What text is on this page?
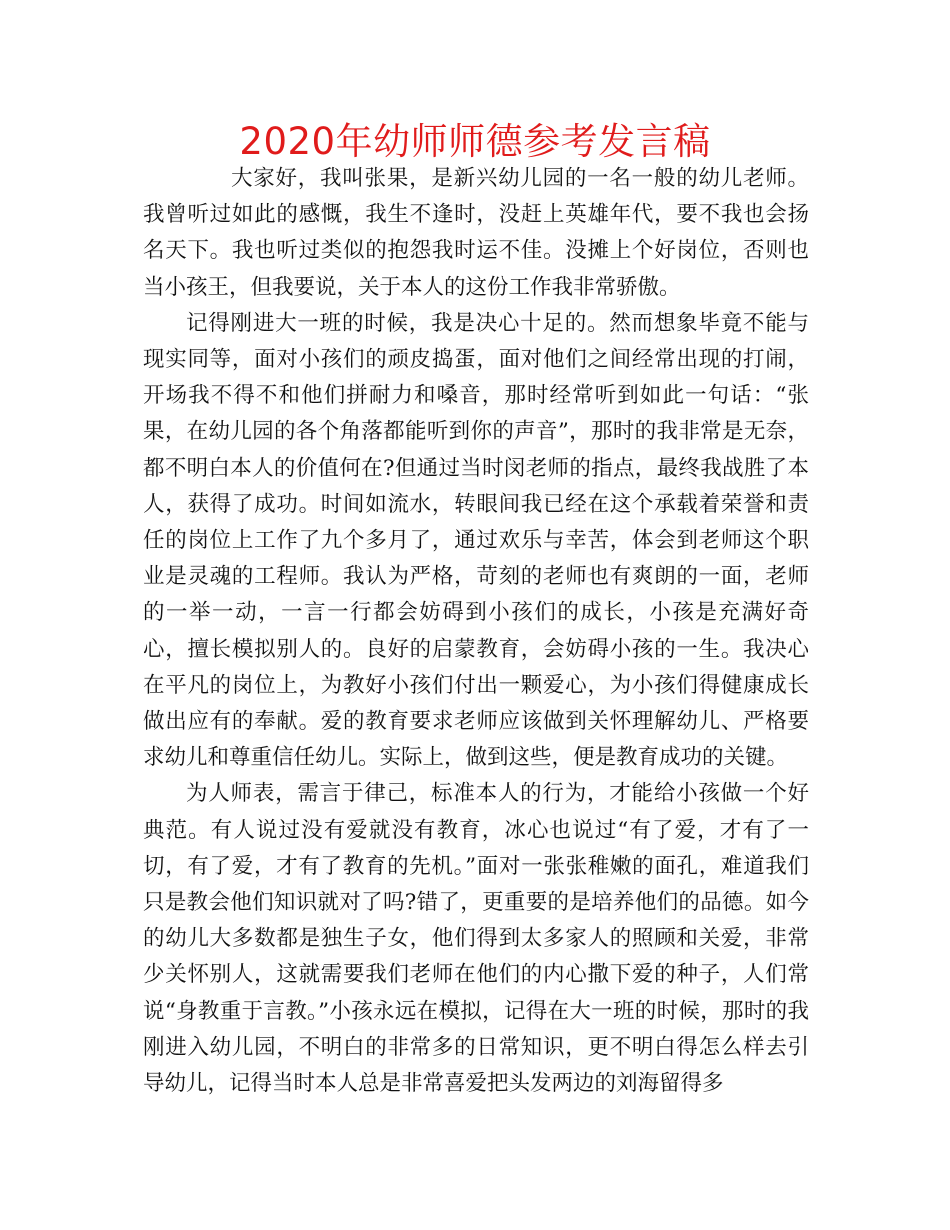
2020年幼师师德参考发言稿

大家好，我叫张果，是新兴幼儿园的一名一般的幼儿老师。我曾听过如此的感慨，我生不逢时，没赶上英雄年代，要不我也会扬名天下。我也听过类似的抱怨我时运不佳。没摊上个好岗位，否则也当小孩王，但我要说，关于本人的这份工作我非常骄傲。

记得刚进大一班的时候，我是决心十足的。然而想象毕竟不能与现实同等，面对小孩们的顽皮捣蛋，面对他们之间经常出现的打闹，开场我不得不和他们拼耐力和嗓音，那时经常听到如此一句话：“张果，在幼儿园的各个角落都能听到你的声音”，那时的我非常是无奈，都不明白本人的价值何在?但通过当时闵老师的指点，最终我战胜了本人，获得了成功。时间如流水，转眼间我已经在这个承载着荣誉和责任的岗位上工作了九个多月了，通过欢乐与幸苦，体会到老师这个职业是灵魂的工程师。我认为严格，苛刻的老师也有爽朗的一面，老师的一举一动，一言一行都会妨碍到小孩们的成长，小孩是充满好奇心，擅长模拟别人的。良好的启蒙教育，会妨碍小孩的一生。我决心在平凡的岗位上，为教好小孩们付出一颗爱心，为小孩们得健康成长做出应有的奉献。爱的教育要求老师应该做到关怀理解幼儿、严格要求幼儿和尊重信任幼儿。实际上，做到这些，便是教育成功的关键。

为人师表，需言于律己，标准本人的行为，才能给小孩做一个好典范。有人说过没有爱就没有教育，冰心也说过“有了爱，才有了一切，有了爱，才有了教育的先机。”面对一张张稚嫩的面孔，难道我们只是教会他们知识就对了吗?错了，更重要的是培养他们的品德。如今的幼儿大多数都是独生子女，他们得到太多家人的照顾和关爱，非常少关怀别人，这就需要我们老师在他们的内心撒下爱的种子，人们常说“身教重于言教。”小孩永远在模拟，记得在大一班的时候，那时的我刚进入幼儿园，不明白的非常多的日常知识，更不明白得怎么样去引导幼儿，记得当时本人总是非常喜爱把头发两边的刘海留得多
